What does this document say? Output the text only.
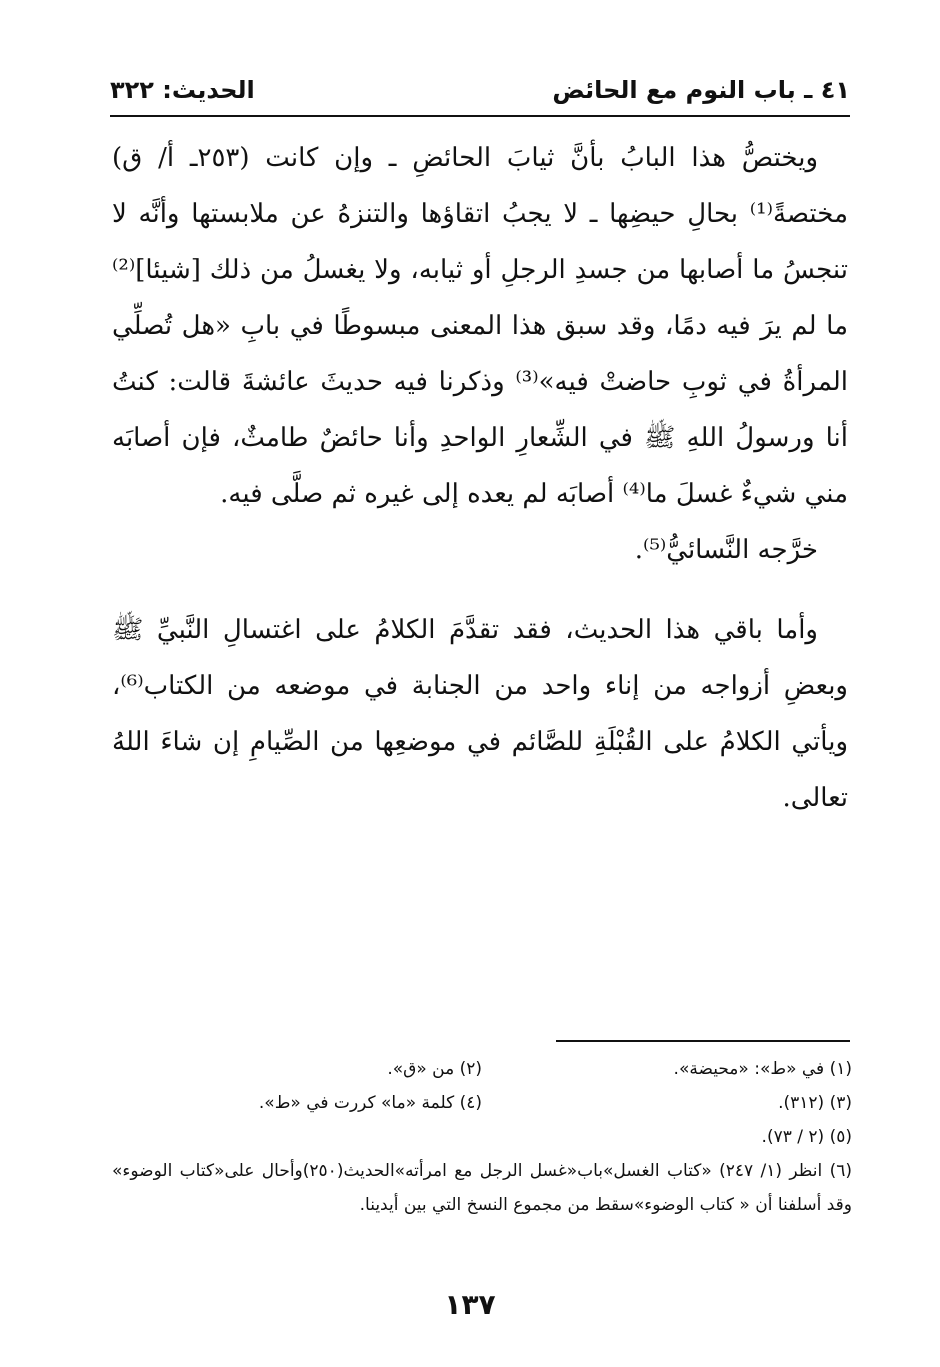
٤١ ـ باب النوم مع الحائض
الحديث: ٣٢٢

ويختصُّ هذا البابُ بأنَّ ثيابَ الحائضِ ـ وإن كانت (٢٥٣ـ أ/ ق) مختصةً⁽¹⁾ بحالِ حيضِها ـ لا يجبُ اتقاؤها والتنزهُ عن ملابستها وأنَّه لا تنجسُ ما أصابها من جسدِ الرجلِ أو ثيابه، ولا يغسلُ من ذلك [شيئا]⁽²⁾ ما لم يرَ فيه دمًا، وقد سبق هذا المعنى مبسوطًا في بابِ «هل تُصلِّي المرأةُ في ثوبِ حاضتْ فيه»⁽³⁾ وذكرنا فيه حديثَ عائشةَ قالت: كنتُ أنا ورسولُ اللهِ ﷺ في الشِّعارِ الواحدِ وأنا حائضٌ طامثٌ، فإن أصابَه مني شيءٌ غسلَ ما⁽⁴⁾ أصابَه لم يعده إلى غيره ثم صلَّى فيه.

خرَّجه النَّسائيُّ⁽⁵⁾.

وأما باقي هذا الحديث، فقد تقدَّمَ الكلامُ على اغتسالِ النَّبيِّ ﷺ وبعضِ أزواجه من إناء واحد من الجنابة في موضعه من الكتاب⁽⁶⁾، ويأتي الكلامُ على القُبْلَةِ للصَّائم في موضعِها من الصِّيامِ إن شاءَ اللهُ تعالى.

(١) في «ط»: «محيضة».
(٢) من «ق».
(٣) (٣١٢).
(٤) كلمة «ما» كررت في «ط».
(٥) (٢ / ٧٣).
(٦) انظر (١/ ٢٤٧) «كتاب الغسل»باب«غسل الرجل مع امرأته»الحديث(٢٥٠)وأحال على«كتاب الوضوء» وقد أسلفنا أن « كتاب الوضوء»سقط من مجموع النسخ التي بين أيدينا.
١٣٧
